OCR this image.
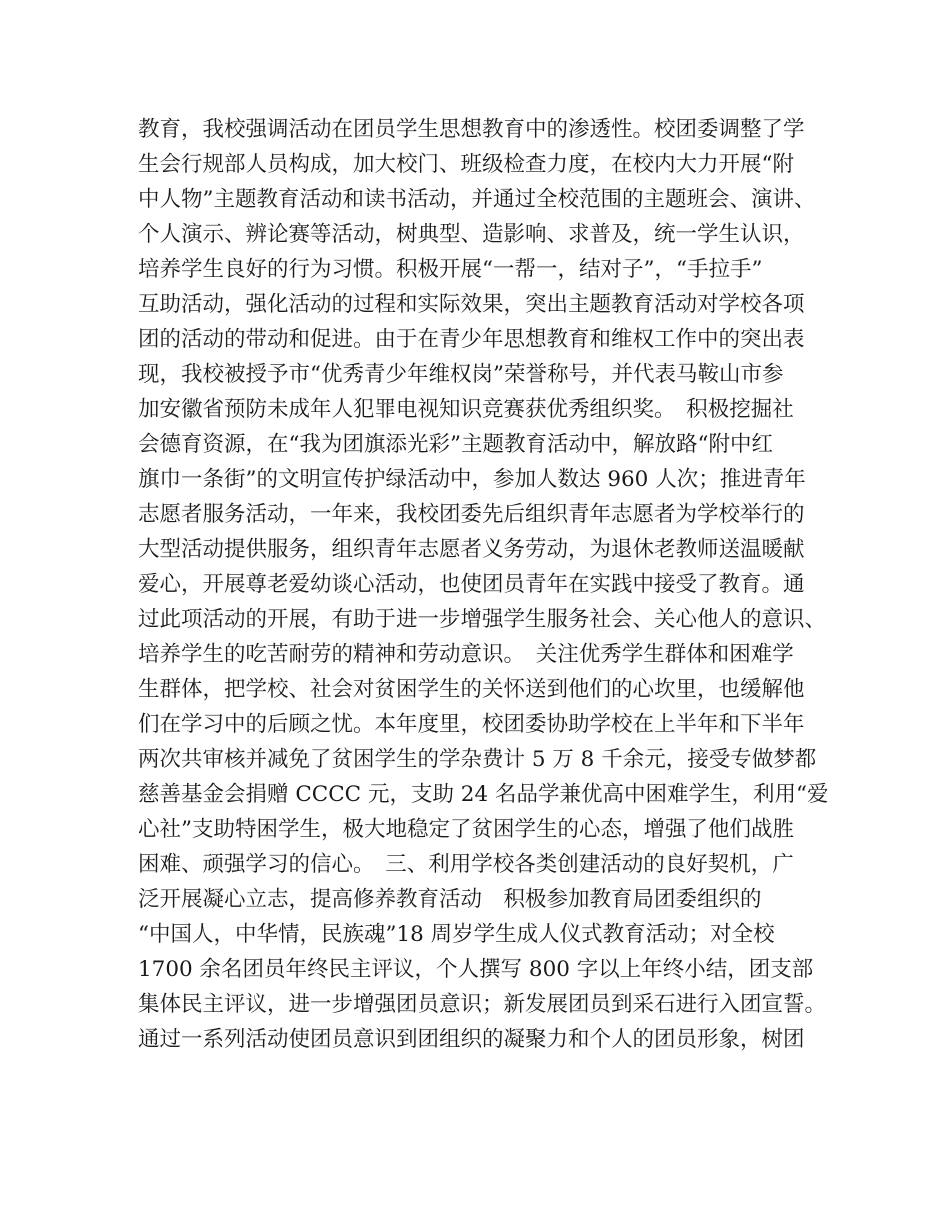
教育，我校强调活动在团员学生思想教育中的渗透性。校团委调整了学
生会行规部人员构成，加大校门、班级检查力度，在校内大力开展“附
中人物”主题教育活动和读书活动，并通过全校范围的主题班会、演讲、
个人演示、辨论赛等活动，树典型、造影响、求普及，统一学生认识，
培养学生良好的行为习惯。积极开展“一帮一，结对子”，“手拉手”
互助活动，强化活动的过程和实际效果，突出主题教育活动对学校各项
团的活动的带动和促进。由于在青少年思想教育和维权工作中的突出表
现，我校被授予市“优秀青少年维权岗”荣誉称号，并代表马鞍山市参
加安徽省预防未成年人犯罪电视知识竞赛获优秀组织奖。　积极挖掘社
会德育资源，在“我为团旗添光彩”主题教育活动中，解放路“附中红
旗巾一条街”的文明宣传护绿活动中，参加人数达 960 人次；推进青年
志愿者服务活动，一年来，我校团委先后组织青年志愿者为学校举行的
大型活动提供服务，组织青年志愿者义务劳动，为退休老教师送温暖献
爱心，开展尊老爱幼谈心活动，也使团员青年在实践中接受了教育。通
过此项活动的开展，有助于进一步增强学生服务社会、关心他人的意识、
培养学生的吃苦耐劳的精神和劳动意识。　关注优秀学生群体和困难学
生群体，把学校、社会对贫困学生的关怀送到他们的心坎里，也缓解他
们在学习中的后顾之忧。本年度里，校团委协助学校在上半年和下半年
两次共审核并减免了贫困学生的学杂费计 5 万 8 千余元，接受专做梦都
慈善基金会捐赠 CCCC 元，支助 24 名品学兼优高中困难学生，利用“爱
心社”支助特困学生，极大地稳定了贫困学生的心态，增强了他们战胜
困难、顽强学习的信心。　三、利用学校各类创建活动的良好契机，广
泛开展凝心立志，提高修养教育活动　积极参加教育局团委组织的
“中国人，中华情，民族魂”18 周岁学生成人仪式教育活动；对全校
1700 余名团员年终民主评议，个人撰写 800 字以上年终小结，团支部
集体民主评议，进一步增强团员意识；新发展团员到采石进行入团宣誓。
通过一系列活动使团员意识到团组织的凝聚力和个人的团员形象，树团
